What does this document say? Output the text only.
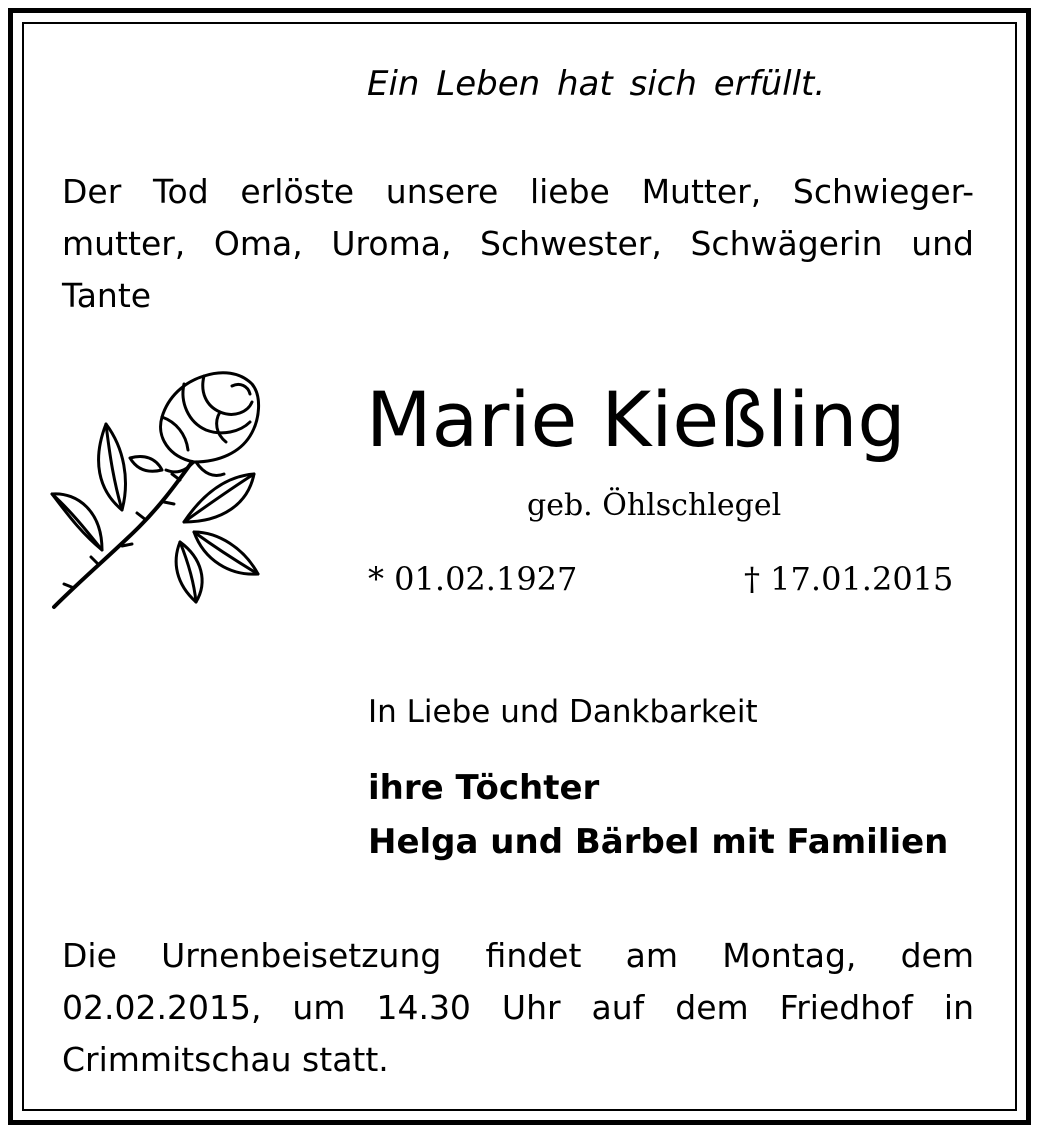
Ein Leben hat sich erfüllt.

Der Tod erlöste unsere liebe Mutter, Schwieger-
mutter, Oma, Uroma, Schwester, Schwägerin und
Tante
Marie Kießling

geb. Öhlschlegel

* 01.02.1927	† 17.01.2015

In Liebe und Dankbarkeit

ihre Töchter

Helga und Bärbel mit Familien

Die Urnenbeisetzung findet am Montag, dem
02.02.2015, um 14.30 Uhr auf dem Friedhof in
Crimmitschau statt.
